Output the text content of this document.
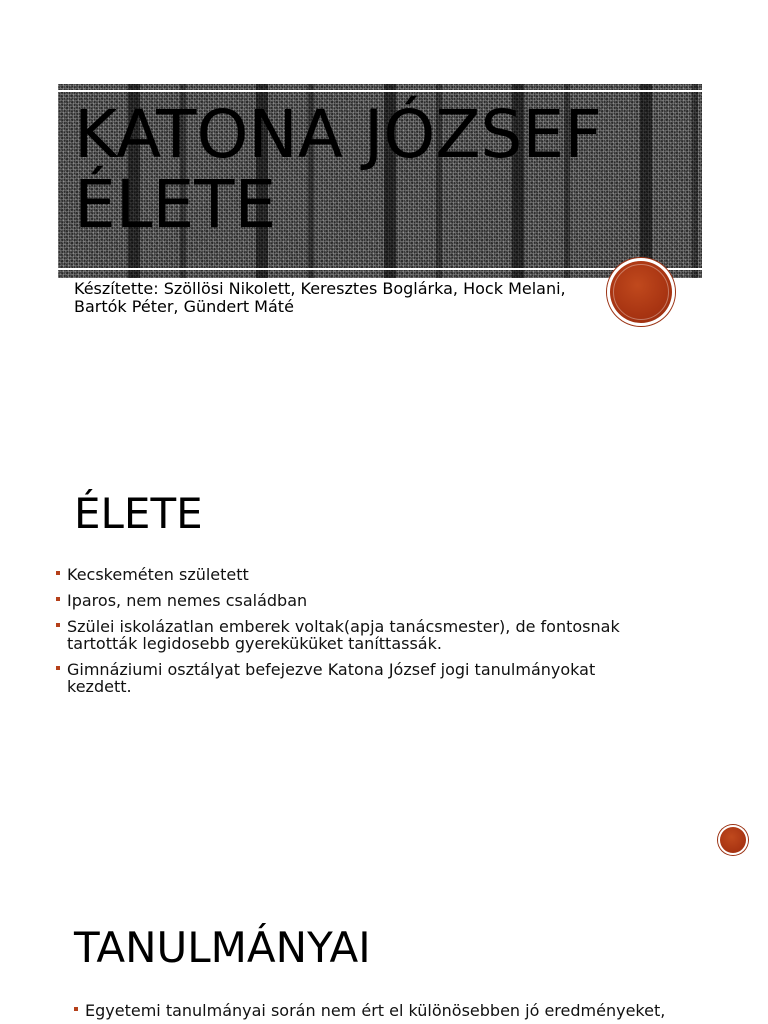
KATONA JÓZSEF
ÉLETE
Készítette: Szöllösi Nikolett, Keresztes Boglárka, Hock Melani, Bartók Péter, Gündert Máté
ÉLETE
Kecskeméten született
Iparos, nem nemes családban
Szülei iskolázatlan emberek voltak(apja tanácsmester), de fontosnak tartották legidosebb gyereküküket taníttassák.
Gimnáziumi osztályat befejezve Katona József jogi tanulmányokat kezdett.
TANULMÁNYAI
Egyetemi tanulmányai során nem ért el különösebben jó eredményeket,
